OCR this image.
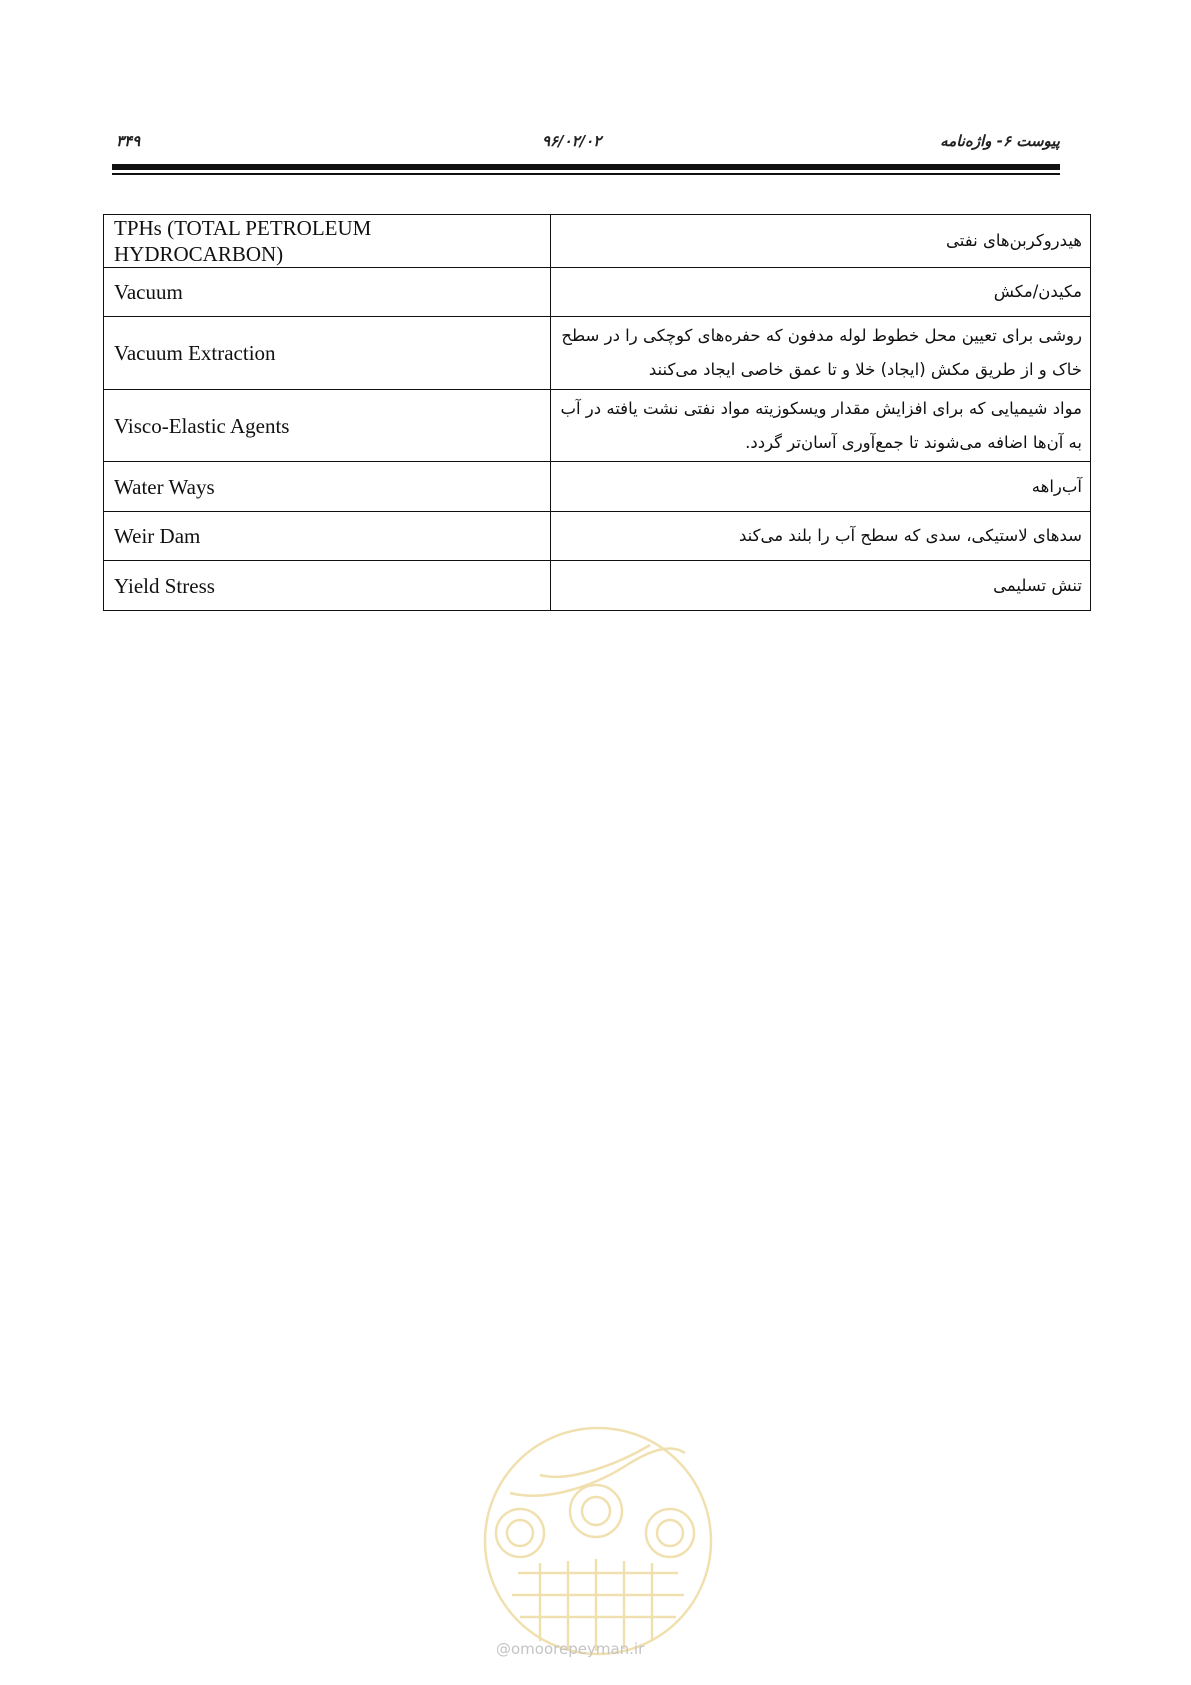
پیوست ۶- واژه‌نامه
۹۶/۰۲/۰۲
۳۴۹
TPHs (TOTAL PETROLEUM HYDROCARBON)	هیدروکربن‌های نفتی
Vacuum	مکیدن/مکش
Vacuum Extraction	روشی برای تعیین محل خطوط لوله مدفون که حفره‌های کوچکی را در سطح خاک و از طریق مکش (ایجاد) خلا و تا عمق خاصی ایجاد می‌کنند
Visco-Elastic Agents	مواد شیمیایی که برای افزایش مقدار ویسکوزیته مواد نفتی نشت یافته در آب به آن‌ها اضافه می‌شوند تا جمع‌آوری آسان‌تر گردد.
Water Ways	آب‌راهه
Weir Dam	سدهای لاستیکی، سدی که سطح آب را بلند می‌کند
Yield Stress	تنش تسلیمی
@omoorepeyman.ir
